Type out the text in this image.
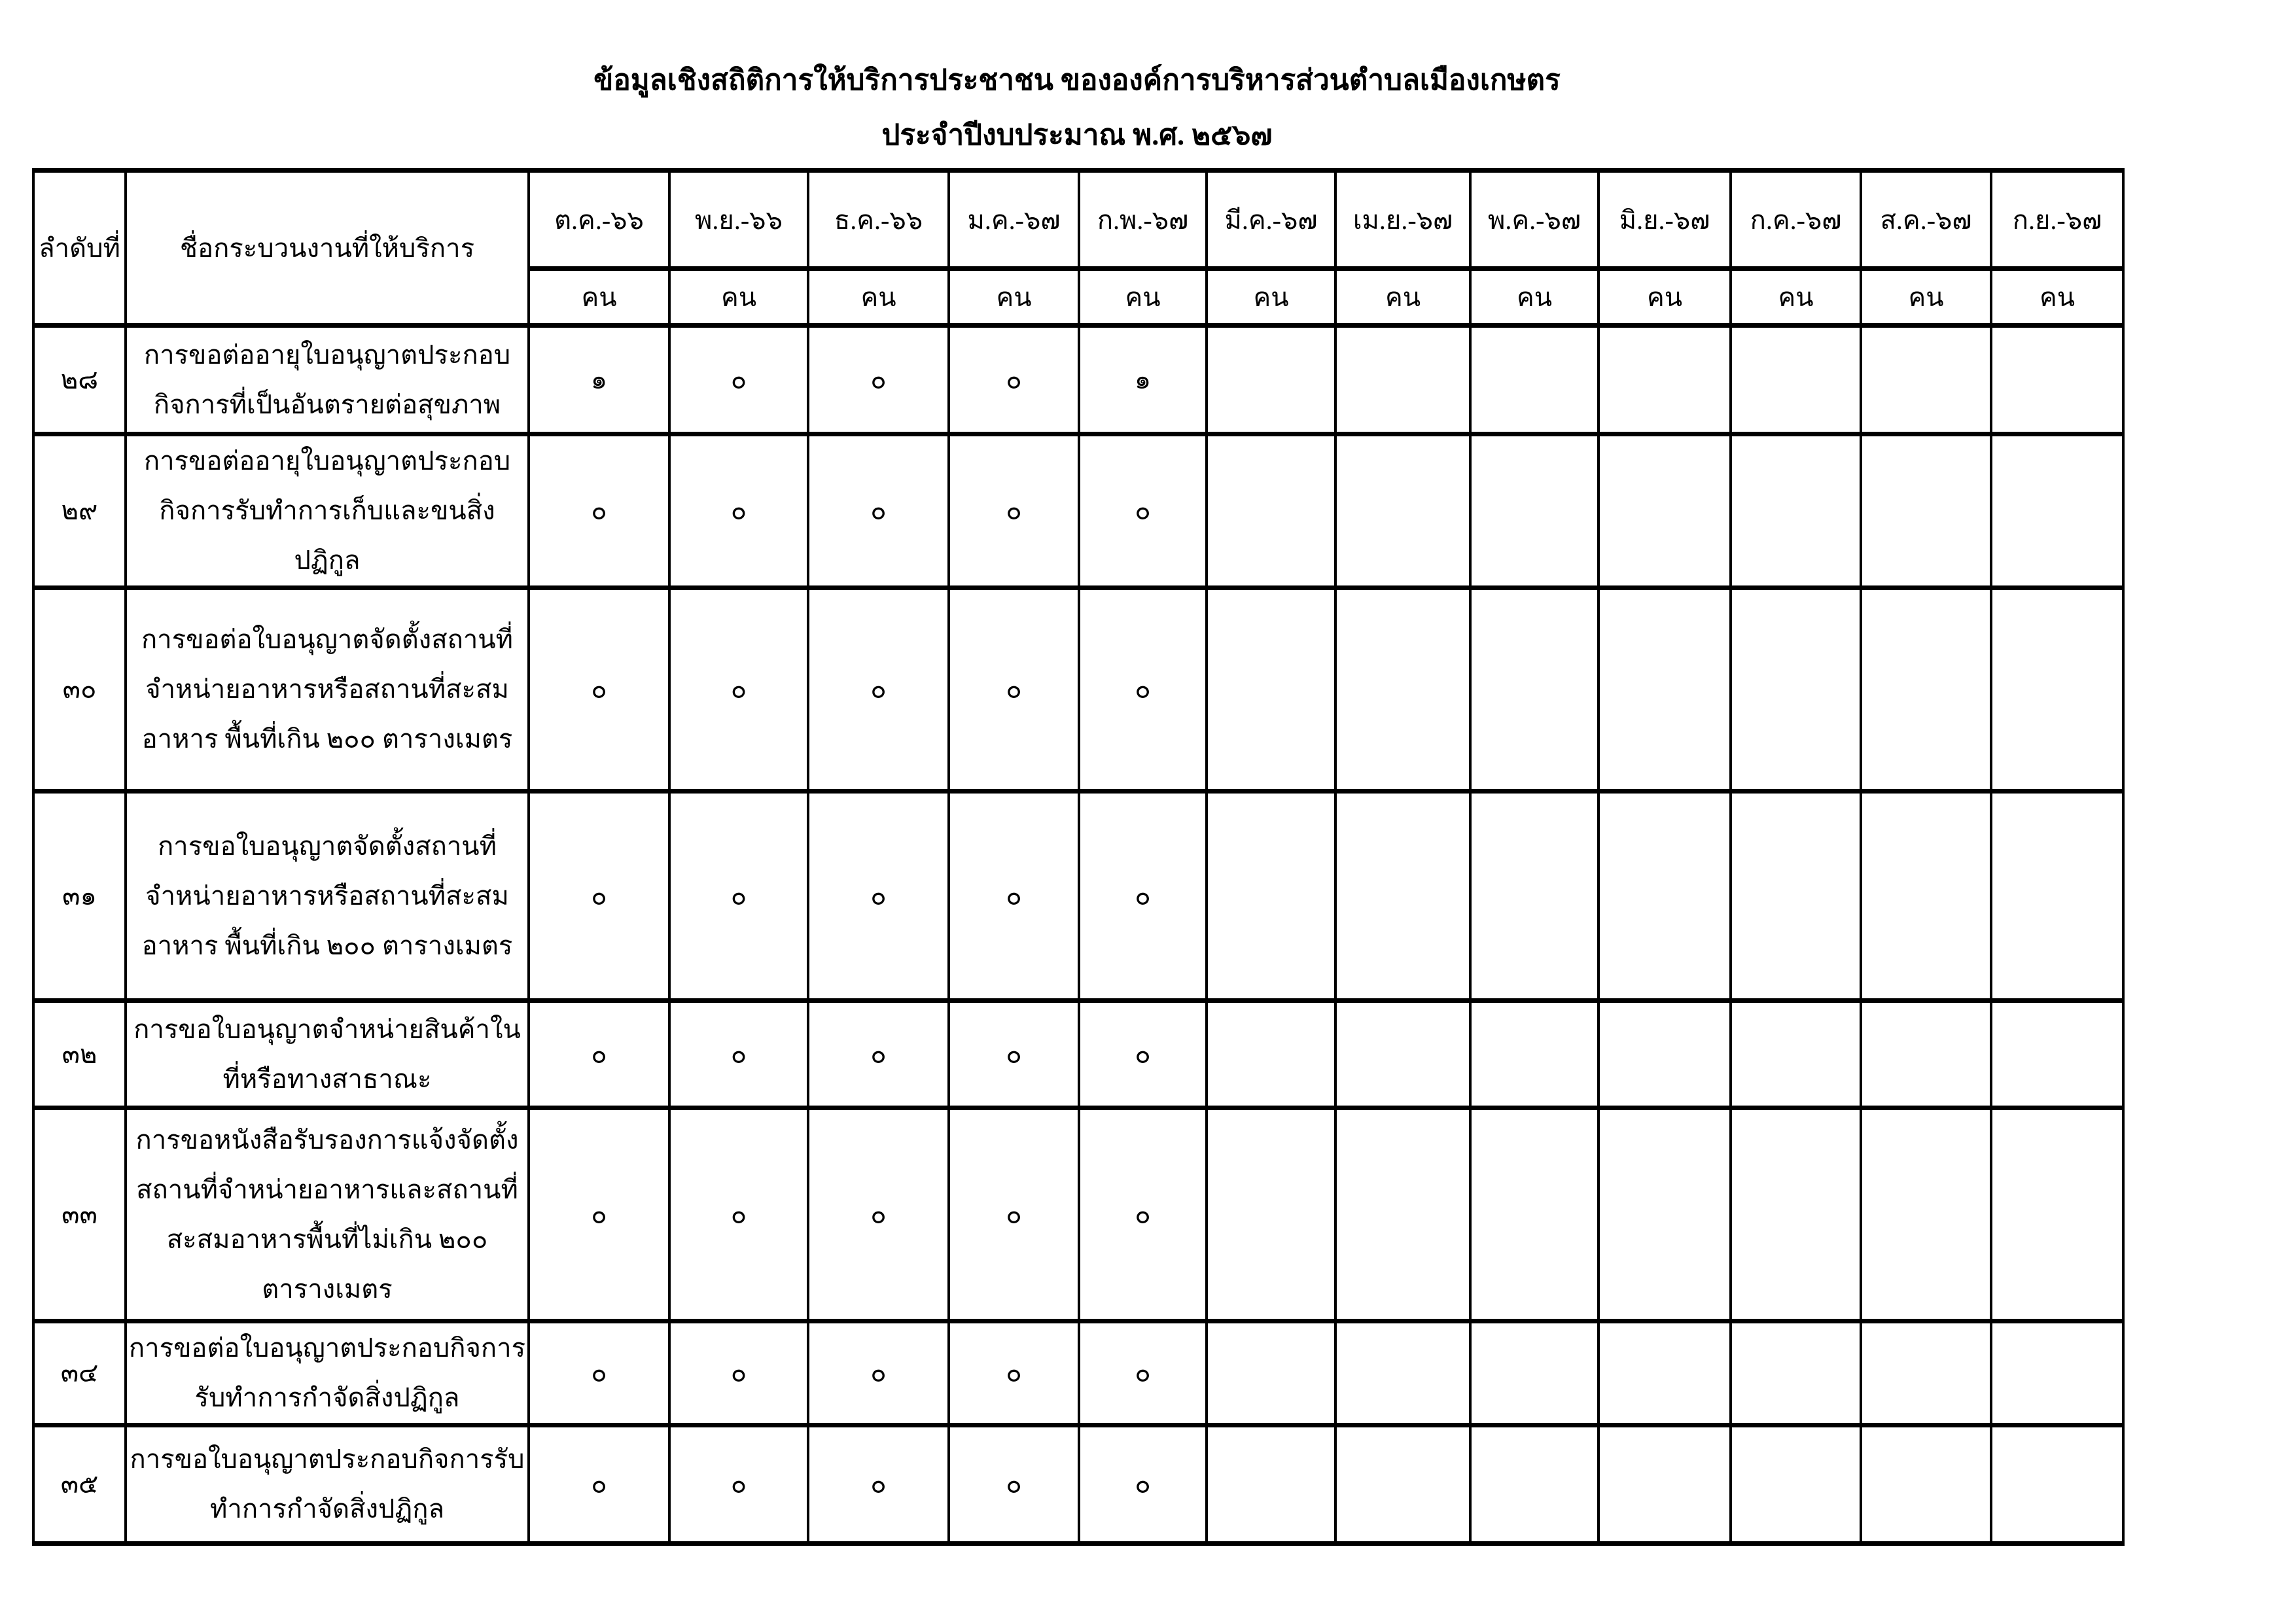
ข้อมูลเชิงสถิติการให้บริการประชาชน ขององค์การบริหารส่วนตำบลเมืองเกษตร
ประจำปีงบประมาณ พ.ศ. ๒๕๖๗
ลำดับที่	ชื่อกระบวนงานที่ให้บริการ	ต.ค.-๖๖	พ.ย.-๖๖	ธ.ค.-๖๖	ม.ค.-๖๗	ก.พ.-๖๗	มี.ค.-๖๗	เม.ย.-๖๗	พ.ค.-๖๗	มิ.ย.-๖๗	ก.ค.-๖๗	ส.ค.-๖๗	ก.ย.-๖๗
		คน	คน	คน	คน	คน	คน	คน	คน	คน	คน	คน	คน
๒๘	การขอต่ออายุใบอนุญาตประกอบกิจการที่เป็นอันตรายต่อสุขภาพ	๑	๐	๐	๐	๑							
๒๙	การขอต่ออายุใบอนุญาตประกอบกิจการรับทำการเก็บและขนสิ่งปฏิกูล	๐	๐	๐	๐	๐							
๓๐	การขอต่อใบอนุญาตจัดตั้งสถานที่จำหน่ายอาหารหรือสถานที่สะสมอาหาร พื้นที่เกิน ๒๐๐ ตารางเมตร	๐	๐	๐	๐	๐							
๓๑	การขอใบอนุญาตจัดตั้งสถานที่จำหน่ายอาหารหรือสถานที่สะสมอาหาร พื้นที่เกิน ๒๐๐ ตารางเมตร	๐	๐	๐	๐	๐							
๓๒	การขอใบอนุญาตจำหน่ายสินค้าในที่หรือทางสาธาณะ	๐	๐	๐	๐	๐							
๓๓	การขอหนังสือรับรองการแจ้งจัดตั้งสถานที่จำหน่ายอาหารและสถานที่สะสมอาหารพื้นที่ไม่เกิน ๒๐๐ ตารางเมตร	๐	๐	๐	๐	๐							
๓๔	การขอต่อใบอนุญาตประกอบกิจการรับทำการกำจัดสิ่งปฏิกูล	๐	๐	๐	๐	๐							
๓๕	การขอใบอนุญาตประกอบกิจการรับทำการกำจัดสิ่งปฏิกูล	๐	๐	๐	๐	๐							
